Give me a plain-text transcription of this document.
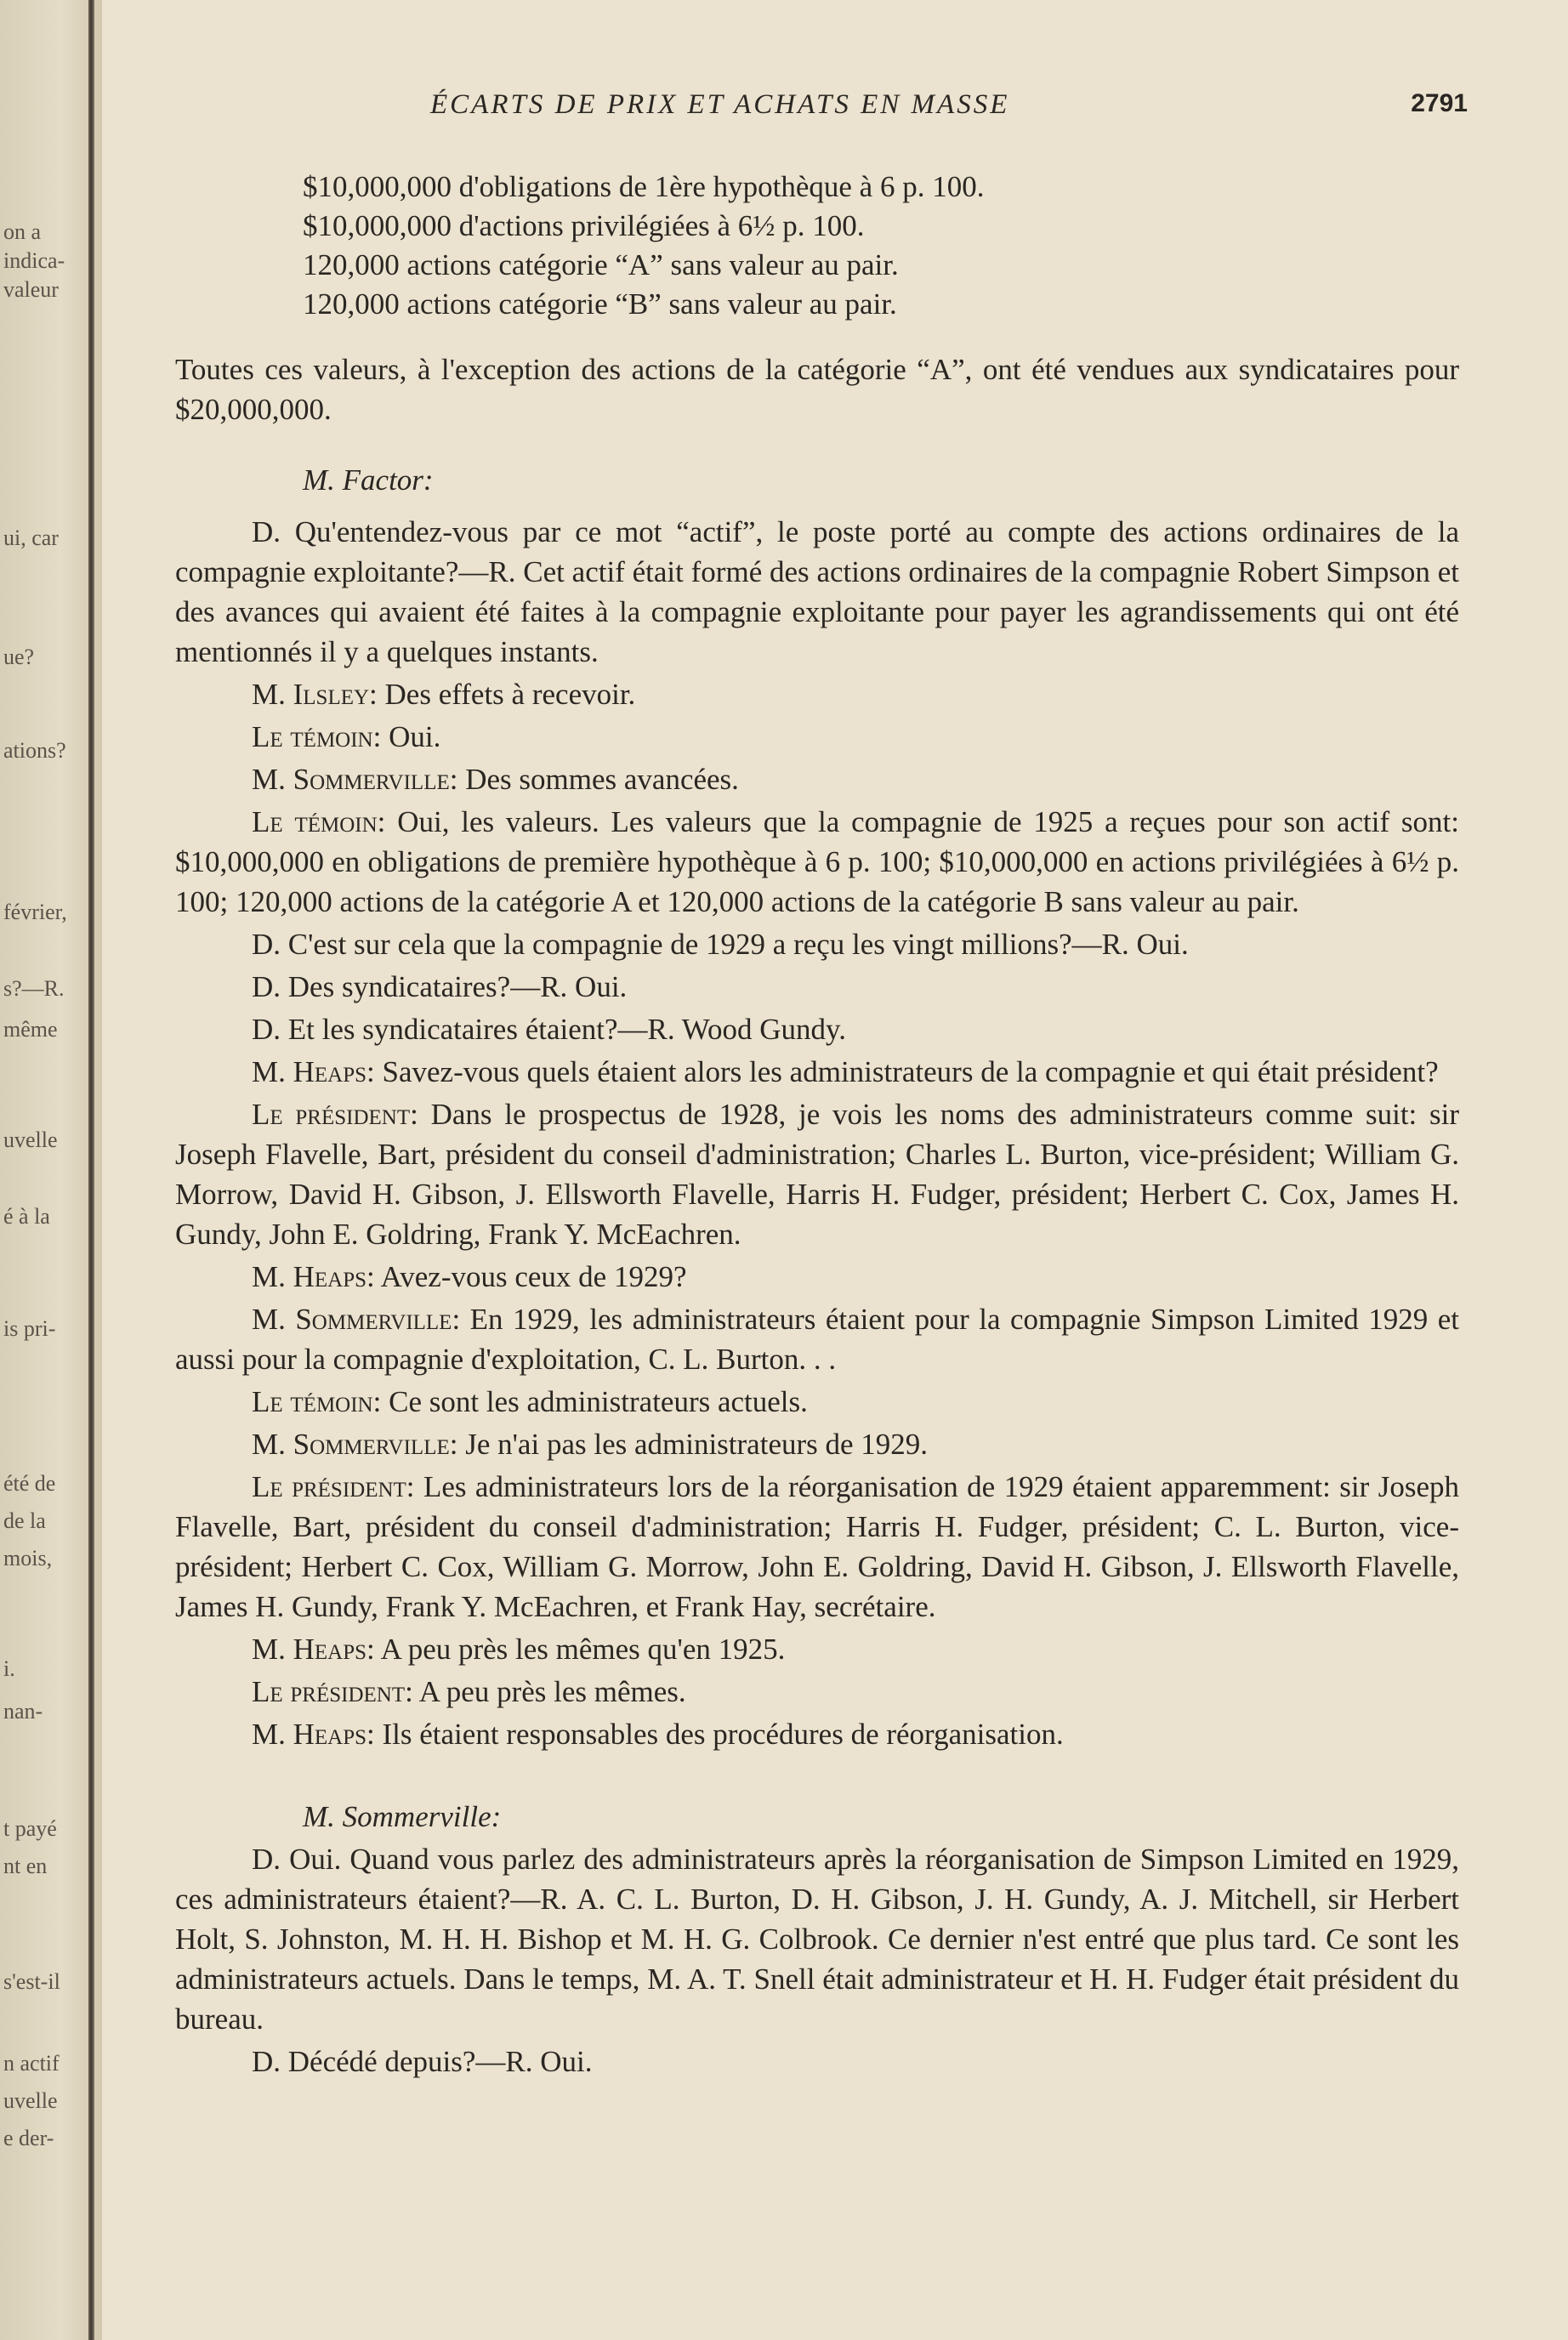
on a
indica-
valeur
ui, car
ue?
ations?
février,
s?—R.
même
uvelle
é à la
is pri-
été de
de la
mois,
i.
nan-
t payé
nt en
s'est-il
n actif
uvelle
e der-
ÉCARTS DE PRIX ET ACHATS EN MASSE	2791
$10,000,000 d'obligations de 1ère hypothèque à 6 p. 100.
$10,000,000 d'actions privilégiées à 6½ p. 100.
120,000 actions catégorie “A” sans valeur au pair.
120,000 actions catégorie “B” sans valeur au pair.

Toutes ces valeurs, à l'exception des actions de la catégorie “A”, ont été vendues aux syndicataires pour $20,000,000.

M. Factor:

D. Qu'entendez-vous par ce mot “actif”, le poste porté au compte des actions ordinaires de la compagnie exploitante?—R. Cet actif était formé des actions ordinaires de la compagnie Robert Simpson et des avances qui avaient été faites à la compagnie exploitante pour payer les agrandissements qui ont été mentionnés il y a quelques instants.

M. Ilsley: Des effets à recevoir.

Le témoin: Oui.

M. Sommerville: Des sommes avancées.

Le témoin: Oui, les valeurs. Les valeurs que la compagnie de 1925 a reçues pour son actif sont: $10,000,000 en obligations de première hypothèque à 6 p. 100; $10,000,000 en actions privilégiées à 6½ p. 100; 120,000 actions de la catégorie A et 120,000 actions de la catégorie B sans valeur au pair.

D. C'est sur cela que la compagnie de 1929 a reçu les vingt millions?—R. Oui.

D. Des syndicataires?—R. Oui.

D. Et les syndicataires étaient?—R. Wood Gundy.

M. Heaps: Savez-vous quels étaient alors les administrateurs de la compagnie et qui était président?

Le président: Dans le prospectus de 1928, je vois les noms des administrateurs comme suit: sir Joseph Flavelle, Bart, président du conseil d'administration; Charles L. Burton, vice-président; William G. Morrow, David H. Gibson, J. Ellsworth Flavelle, Harris H. Fudger, président; Herbert C. Cox, James H. Gundy, John E. Goldring, Frank Y. McEachren.

M. Heaps: Avez-vous ceux de 1929?

M. Sommerville: En 1929, les administrateurs étaient pour la compagnie Simpson Limited 1929 et aussi pour la compagnie d'exploitation, C. L. Burton. . .

Le témoin: Ce sont les administrateurs actuels.

M. Sommerville: Je n'ai pas les administrateurs de 1929.

Le président: Les administrateurs lors de la réorganisation de 1929 étaient apparemment: sir Joseph Flavelle, Bart, président du conseil d'administration; Harris H. Fudger, président; C. L. Burton, vice-président; Herbert C. Cox, William G. Morrow, John E. Goldring, David H. Gibson, J. Ellsworth Flavelle, James H. Gundy, Frank Y. McEachren, et Frank Hay, secrétaire.

M. Heaps: A peu près les mêmes qu'en 1925.

Le président: A peu près les mêmes.

M. Heaps: Ils étaient responsables des procédures de réorganisation.

M. Sommerville:

D. Oui. Quand vous parlez des administrateurs après la réorganisation de Simpson Limited en 1929, ces administrateurs étaient?—R. A. C. L. Burton, D. H. Gibson, J. H. Gundy, A. J. Mitchell, sir Herbert Holt, S. Johnston, M. H. H. Bishop et M. H. G. Colbrook. Ce dernier n'est entré que plus tard. Ce sont les administrateurs actuels. Dans le temps, M. A. T. Snell était administrateur et H. H. Fudger était président du bureau.

D. Décédé depuis?—R. Oui.
